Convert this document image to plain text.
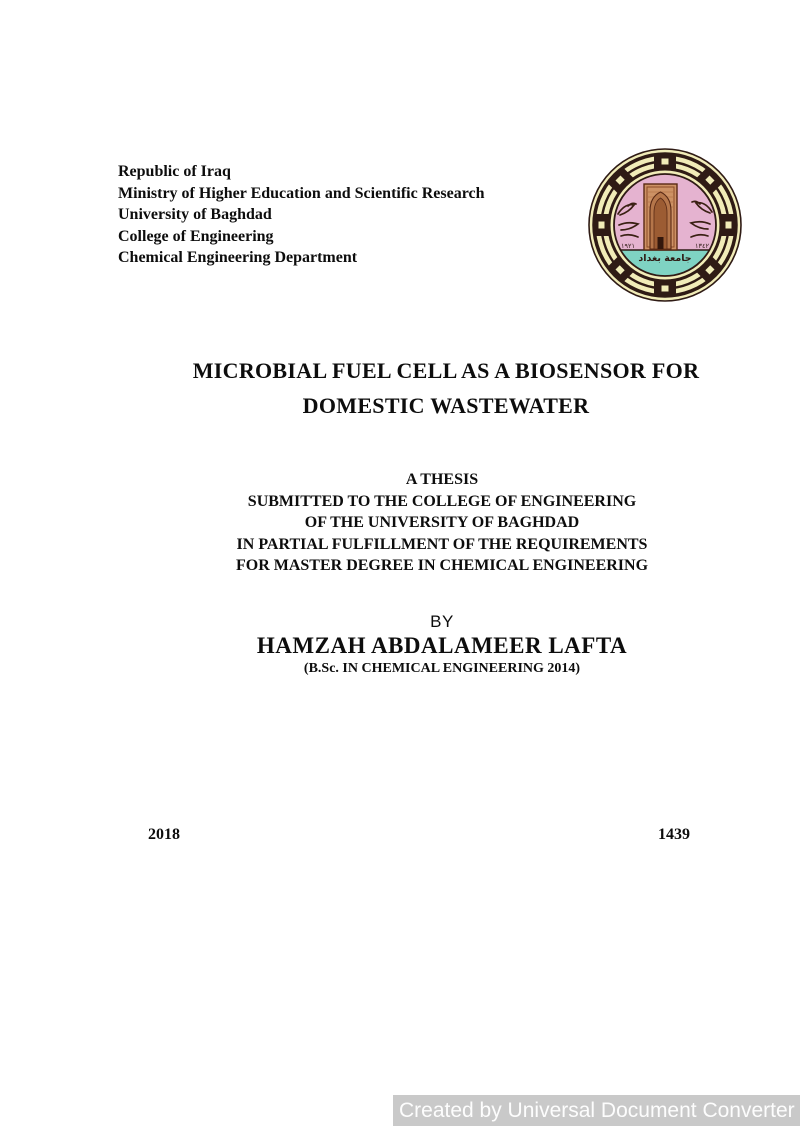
Republic of Iraq
Ministry of Higher Education and Scientific Research
University of Baghdad
College of Engineering
Chemical Engineering Department
١٩٢١	١٣٤٢
جامعة بغداد
MICROBIAL FUEL CELL AS A BIOSENSOR FOR
DOMESTIC WASTEWATER
A THESIS
SUBMITTED TO THE COLLEGE OF ENGINEERING
OF THE UNIVERSITY OF BAGHDAD
IN PARTIAL FULFILLMENT OF THE REQUIREMENTS
FOR MASTER DEGREE IN CHEMICAL ENGINEERING
BY
HAMZAH ABDALAMEER LAFTA
(B.Sc. IN CHEMICAL ENGINEERING 2014)
2018	1439
Created by Universal Document Converter
